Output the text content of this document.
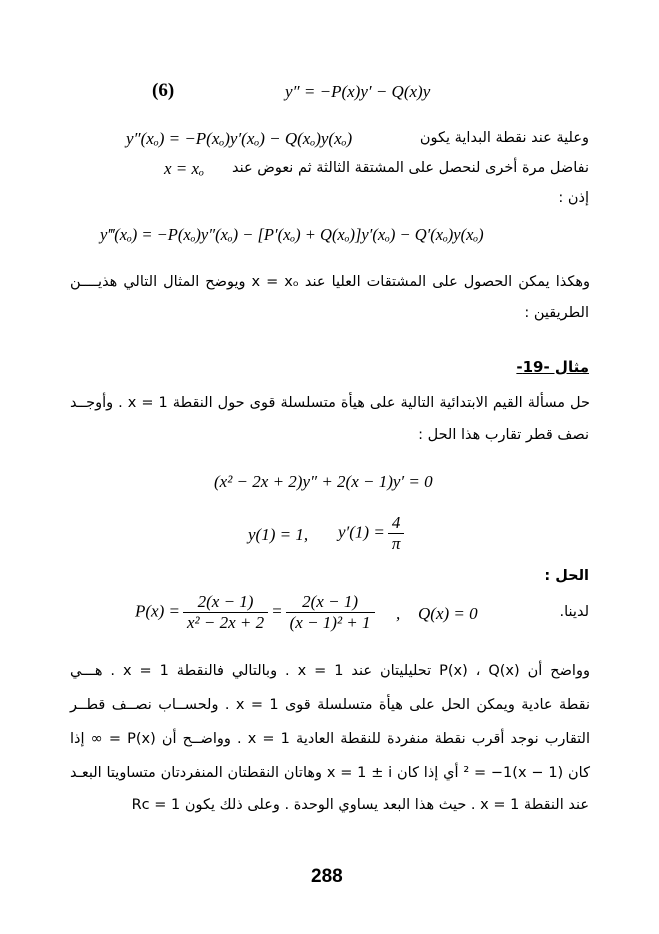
(6)	y″ = −P(x)y′ − Q(x)y
y″(xₒ) = −P(xₒ)y′(xₒ) − Q(xₒ)y(xₒ)	وعلية عند نقطة البداية يكون
x = xₒ نفاضل مرة أخرى لنحصل على المشتقة الثالثة ثم نعوض عند
إذن :
y‴(xₒ) = −P(xₒ)y″(xₒ) − [P′(xₒ) + Q(xₒ)]y′(xₒ) − Q′(xₒ)y(xₒ)
وهكذا يمكن الحصول على المشتقات العليا عند x = xₒ ويوضح المثال التالي هذيــــن
الطريقين :
مثال -19-
حل مسألة القيم الابتدائية التالية على هيأة متسلسلة قوى حول النقطة x = 1 . وأوجــد
نصف قطر تقارب هذا الحل :
(x² − 2x + 2)y″ + 2(x − 1)y′ = 0
y(1) = 1, $y'(1) = \frac{4}{\pi}$
الحل :
لدينا.
$P(x) = \frac{2(x - 1)}{\text{x² − 2x + 2}} = \frac{2(x - 1)}{\text{(x − 1)² + 1}}$ , Q(x) = 0
وواضح أن P(x) ، Q(x) تحليليتان عند x = 1 . وبالتالي فالنقطة x = 1 . هـــي
نقطة عادية ويمكن الحل على هيأة متسلسلة قوى x = 1 . ولحســاب نصــف قطــر
التقارب نوجد أقرب نقطة منفردة للنقطة العادية x = 1 . وواضــح أن P(x) = ∞ إذا
كان (x − 1)² = −1 أي إذا كان x = 1 ± i وهاتان النقطتان المنفردتان متساويتا البعـد
عند النقطة x = 1 . حيث هذا البعد يساوي الوحدة . وعلى ذلك يكون Rc = 1
288
